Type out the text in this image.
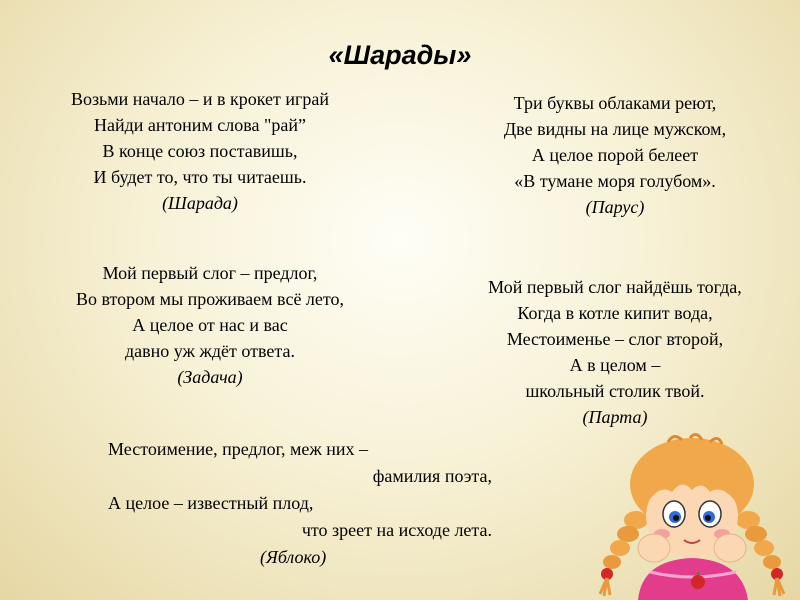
«Шарады»
Возьми начало – и в крокет играй
Найди антоним слова "рай”
В конце союз поставишь,
И будет то, что ты читаешь.
(Шарада)
Три буквы облаками реют,
Две видны на лице мужском,
А целое порой белеет
«В тумане моря голубом».
(Парус)
Мой первый слог – предлог,
Во втором мы проживаем всё лето,
А целое от нас и вас
давно уж ждёт ответа.
(Задача)
Мой первый слог найдёшь тогда,
Когда в котле кипит вода,
Местоименье – слог второй,
А в целом –
школьный столик твой.
(Парта)
Местоимение, предлог, меж них –
фамилия поэта,
А целое – известный плод,
что зреет на исходе лета.
(Яблоко)
